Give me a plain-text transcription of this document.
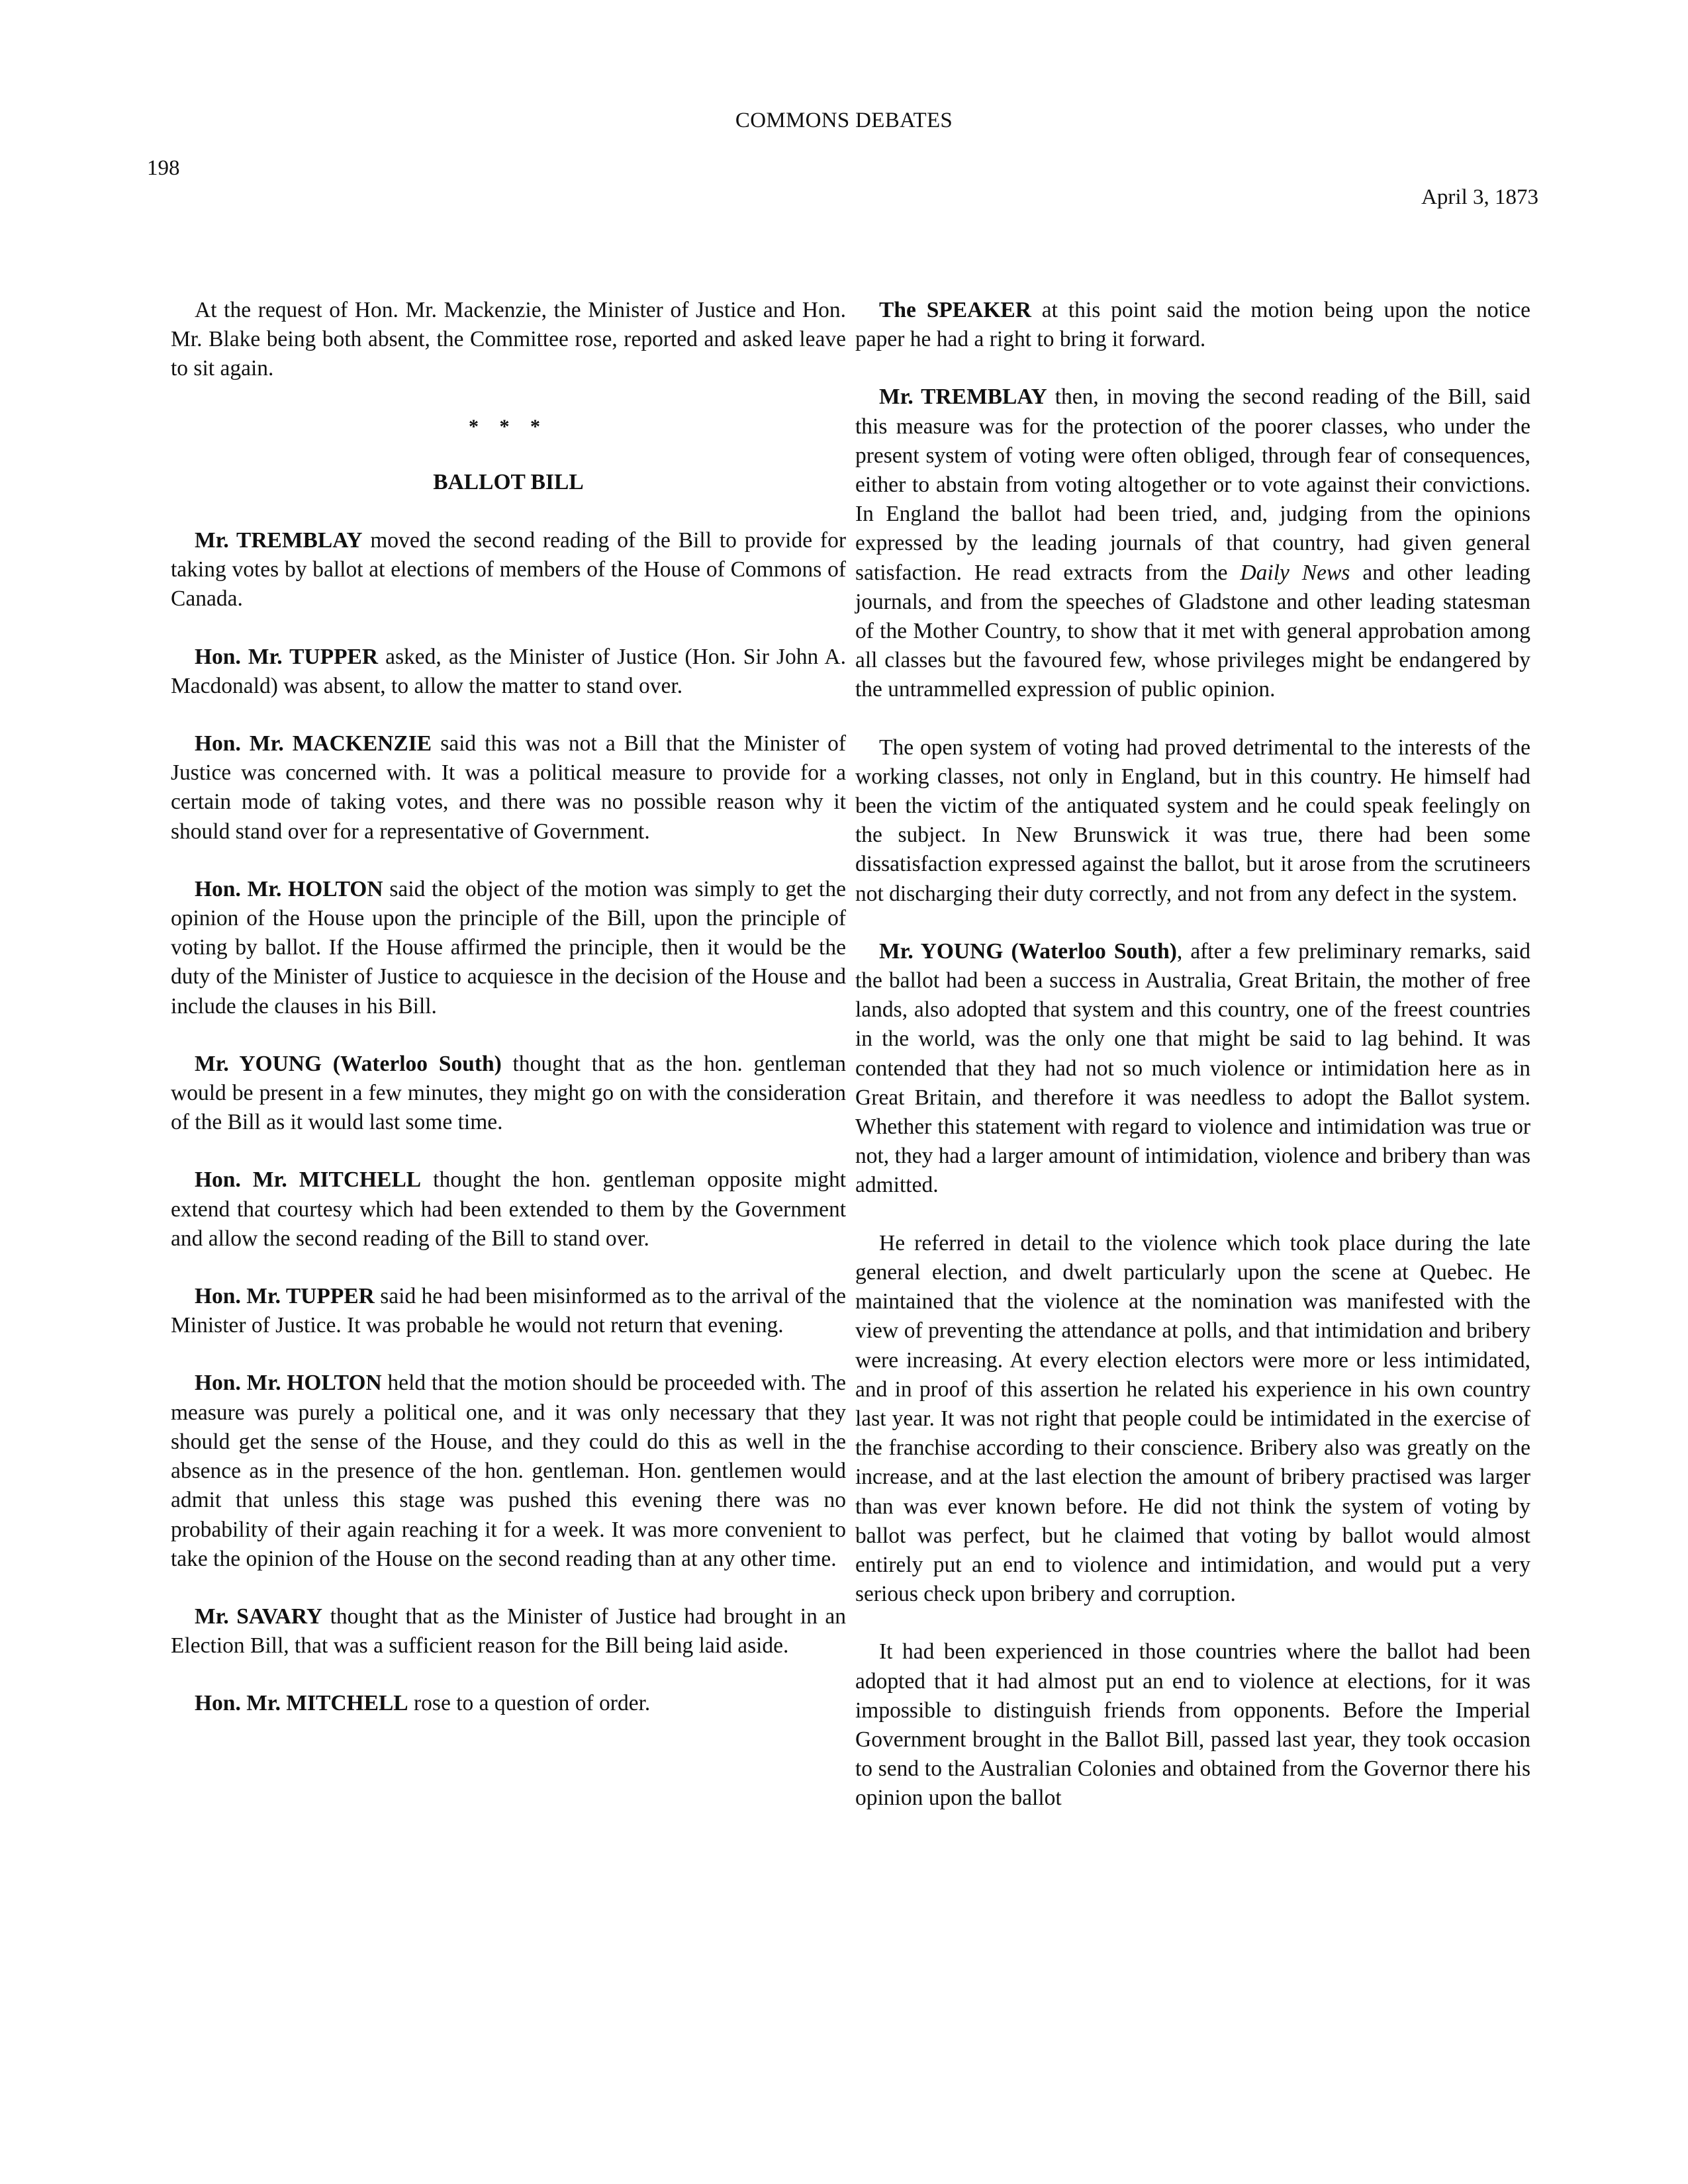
COMMONS DEBATES
198
April 3, 1873

At the request of Hon. Mr. Mackenzie, the Minister of Justice and Hon. Mr. Blake being both absent, the Committee rose, reported and asked leave to sit again.

* * *
BALLOT BILL

Mr. TREMBLAY moved the second reading of the Bill to provide for taking votes by ballot at elections of members of the House of Commons of Canada.

Hon. Mr. TUPPER asked, as the Minister of Justice (Hon. Sir John A. Macdonald) was absent, to allow the matter to stand over.

Hon. Mr. MACKENZIE said this was not a Bill that the Minister of Justice was concerned with. It was a political measure to provide for a certain mode of taking votes, and there was no possible reason why it should stand over for a representative of Government.

Hon. Mr. HOLTON said the object of the motion was simply to get the opinion of the House upon the principle of the Bill, upon the principle of voting by ballot. If the House affirmed the principle, then it would be the duty of the Minister of Justice to acquiesce in the decision of the House and include the clauses in his Bill.

Mr. YOUNG (Waterloo South) thought that as the hon. gentleman would be present in a few minutes, they might go on with the consideration of the Bill as it would last some time.

Hon. Mr. MITCHELL thought the hon. gentleman opposite might extend that courtesy which had been extended to them by the Government and allow the second reading of the Bill to stand over.

Hon. Mr. TUPPER said he had been misinformed as to the arrival of the Minister of Justice. It was probable he would not return that evening.

Hon. Mr. HOLTON held that the motion should be proceeded with. The measure was purely a political one, and it was only necessary that they should get the sense of the House, and they could do this as well in the absence as in the presence of the hon. gentleman. Hon. gentlemen would admit that unless this stage was pushed this evening there was no probability of their again reaching it for a week. It was more convenient to take the opinion of the House on the second reading than at any other time.

Mr. SAVARY thought that as the Minister of Justice had brought in an Election Bill, that was a sufficient reason for the Bill being laid aside.

Hon. Mr. MITCHELL rose to a question of order.

The SPEAKER at this point said the motion being upon the notice paper he had a right to bring it forward.

Mr. TREMBLAY then, in moving the second reading of the Bill, said this measure was for the protection of the poorer classes, who under the present system of voting were often obliged, through fear of consequences, either to abstain from voting altogether or to vote against their convictions. In England the ballot had been tried, and, judging from the opinions expressed by the leading journals of that country, had given general satisfaction. He read extracts from the Daily News and other leading journals, and from the speeches of Gladstone and other leading statesman of the Mother Country, to show that it met with general approbation among all classes but the favoured few, whose privileges might be endangered by the untrammelled expression of public opinion.

The open system of voting had proved detrimental to the interests of the working classes, not only in England, but in this country. He himself had been the victim of the antiquated system and he could speak feelingly on the subject. In New Brunswick it was true, there had been some dissatisfaction expressed against the ballot, but it arose from the scrutineers not discharging their duty correctly, and not from any defect in the system.

Mr. YOUNG (Waterloo South), after a few preliminary remarks, said the ballot had been a success in Australia, Great Britain, the mother of free lands, also adopted that system and this country, one of the freest countries in the world, was the only one that might be said to lag behind. It was contended that they had not so much violence or intimidation here as in Great Britain, and therefore it was needless to adopt the Ballot system. Whether this statement with regard to violence and intimidation was true or not, they had a larger amount of intimidation, violence and bribery than was admitted.

He referred in detail to the violence which took place during the late general election, and dwelt particularly upon the scene at Quebec. He maintained that the violence at the nomination was manifested with the view of preventing the attendance at polls, and that intimidation and bribery were increasing. At every election electors were more or less intimidated, and in proof of this assertion he related his experience in his own country last year. It was not right that people could be intimidated in the exercise of the franchise according to their conscience. Bribery also was greatly on the increase, and at the last election the amount of bribery practised was larger than was ever known before. He did not think the system of voting by ballot was perfect, but he claimed that voting by ballot would almost entirely put an end to violence and intimidation, and would put a very serious check upon bribery and corruption.

It had been experienced in those countries where the ballot had been adopted that it had almost put an end to violence at elections, for it was impossible to distinguish friends from opponents. Before the Imperial Government brought in the Ballot Bill, passed last year, they took occasion to send to the Australian Colonies and obtained from the Governor there his opinion upon the ballot
